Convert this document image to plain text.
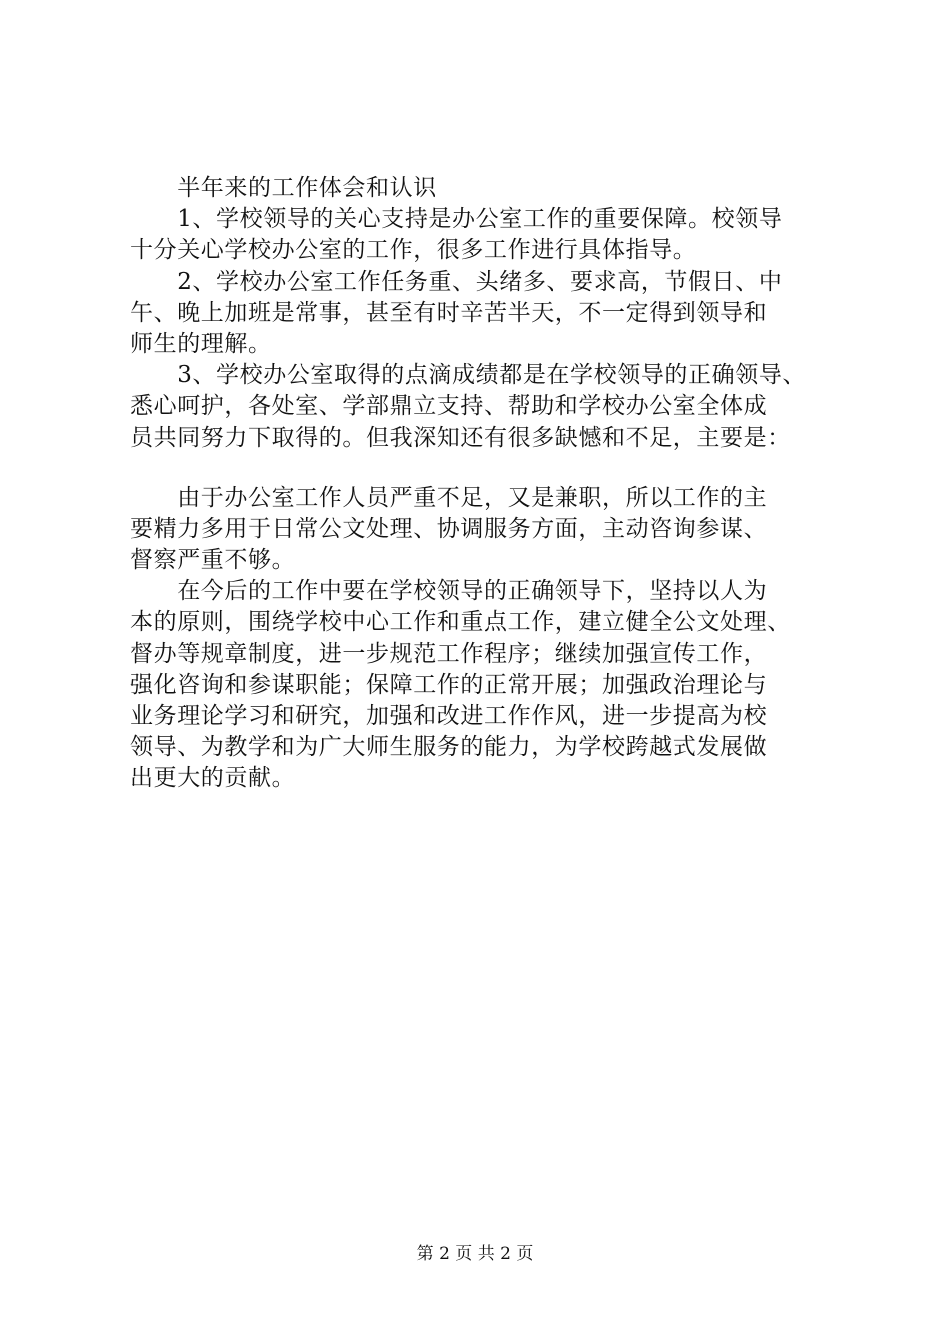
　　半年来的工作体会和认识
　　1、学校领导的关心支持是办公室工作的重要保障。校领导
十分关心学校办公室的工作，很多工作进行具体指导。
　　2、学校办公室工作任务重、头绪多、要求高，节假日、中
午、晚上加班是常事，甚至有时辛苦半天，不一定得到领导和
师生的理解。
　　3、学校办公室取得的点滴成绩都是在学校领导的正确领导、
悉心呵护，各处室、学部鼎立支持、帮助和学校办公室全体成
员共同努力下取得的。但我深知还有很多缺憾和不足，主要是：
　　由于办公室工作人员严重不足，又是兼职，所以工作的主
要精力多用于日常公文处理、协调服务方面，主动咨询参谋、
督察严重不够。
　　在今后的工作中要在学校领导的正确领导下，坚持以人为
本的原则，围绕学校中心工作和重点工作，建立健全公文处理、
督办等规章制度，进一步规范工作程序；继续加强宣传工作，
强化咨询和参谋职能；保障工作的正常开展；加强政治理论与
业务理论学习和研究，加强和改进工作作风，进一步提高为校
领导、为教学和为广大师生服务的能力，为学校跨越式发展做
出更大的贡献。
第 2 页 共 2 页
